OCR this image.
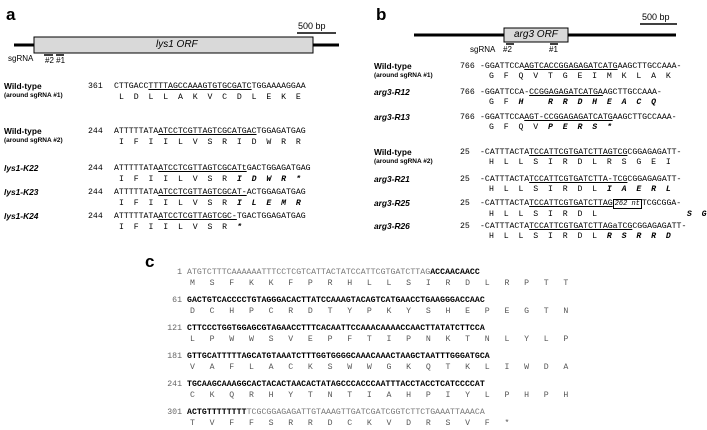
a
500 bp
lys1 ORF
sgRNA #2 #1
Wild-type
(around sgRNA #1)
361 CTTGACCTTTTAGCCAAAGTGTGCGATCTGGAAAAGGAA
L  D  L  L  A  K  V  C  D  L  E  K  E
Wild-type
(around sgRNA #2)
244 ATTTTTATAATCCTCGTTAGTCGCATGACTGGAGATGAG
I  F  I  I  L  V  S  R  I  D  W  R  R
lys1-K22	244 ATTTTTATAATCCTCGTTAGTCGCATtGACTGGAGATGAG
I  F  I  I  L  V  S  R  I  D  W  R  *
lys1-K23	244 ATTTTTATAATCCTCGTTAGTCGCAT-ACTGGAGATGAG
I  F  I  I  L  V  S  R  I  L  E  M  R
lys1-K24	244 ATTTTTATAATCCTCGTTAGTCGC-TGACTGGAGATGAG
I  F  I  I  L  V  S  R  *
b	500 bp
arg3 ORF
sgRNA #2	#1
Wild-type
(around sgRNA #1)
766 -GGATTCCAAGTCACCGGAGAGATCATGAAGCTTGCCAAA-
G  F  Q  V  T  G  E  I  M  K  L  A  K
arg3-R12	766 -GGATTCCA-CCGGAGAGATCATGAAGCTTGCCAAA-
G  F  H     R  R  D  H  E  A  C  Q
arg3-R13	766 -GGATTCCAAGT-CCGGAGAGATCATGAAGCTTGCCAAA-
G  F  Q  V  P  E  R  S  *
Wild-type
(around sgRNA #2)
25 -CATTTACTATCCATTCGTGATCTTAGTCGCGGAGAGATT-
H  L  L  S  I  R  D  L  R  S  G  E  I
arg3-R21	25 -CATTTACTATCCATTCGTGATCTTA-TCGCGGAGAGATT-
H  L  L  S  I  R  D  L  I  A  E  R  L
arg3-R25	25 -CATTTACTATCCATTCGTGATCTTAG 262 nt TCGCGGA-
H  L  L  S  I  R  D  L	S  G
arg3-R26	25 -CATTTACTATCCATTCGTGATCTTAGaTCGCGGAGAGATT-
H  L  L  S  I  R  D  L  R  S  R  R  D
c
1 ATGTCTTTCAAAAAATTTCCTCGTCATTACTATCCATTCGTGATCTTAGACCAACAACC
M   S   F   K   K   F   P   R   H   L   L   S   I   R   D   L   R   P   T   T
61 GACTGTCACCCCTGTAGGGACACTTATCCAAAGTACAGTCATGAACCTGAAGGGACCAAC
D   C   H   P   C   R   D   T   Y   P   K   Y   S   H   E   P   E   G   T   N
121 CTTCCCTGGTGGAGCGTAGAACCTTTCACAATTCCAAACAAAACCAACTTATATCTTCCA
L   P   W   W   S   V   E   P   F   T   I   P   N   K   T   N   L   Y   L   P
181 GTTGCATTTTTAGCATGTAAATCTTTGGTGGGGCAAACAAACTAAGCTAATTTGGGATGCA
V   A   F   L   A   C   K   S   W   W   G   K   Q   T   K   L   I   W   D   A
241 TGCAAGCAAAGGCACTACACTAACACTATAGCCCACCCAATTTACCTACCTCATCCCCAT
C   K   Q   R   H   Y   T   N   T   I   A   H   P   I   Y   L   P   H   P   H
301 ACTGTTTTTTTTTCGCGGAGAGATTGTAAAGTTGATCGATCGGTCTTCTGAAATTAAACA
T   V   F   F   S   R   R   D   C   K   V   D   R   S   V   F   *
